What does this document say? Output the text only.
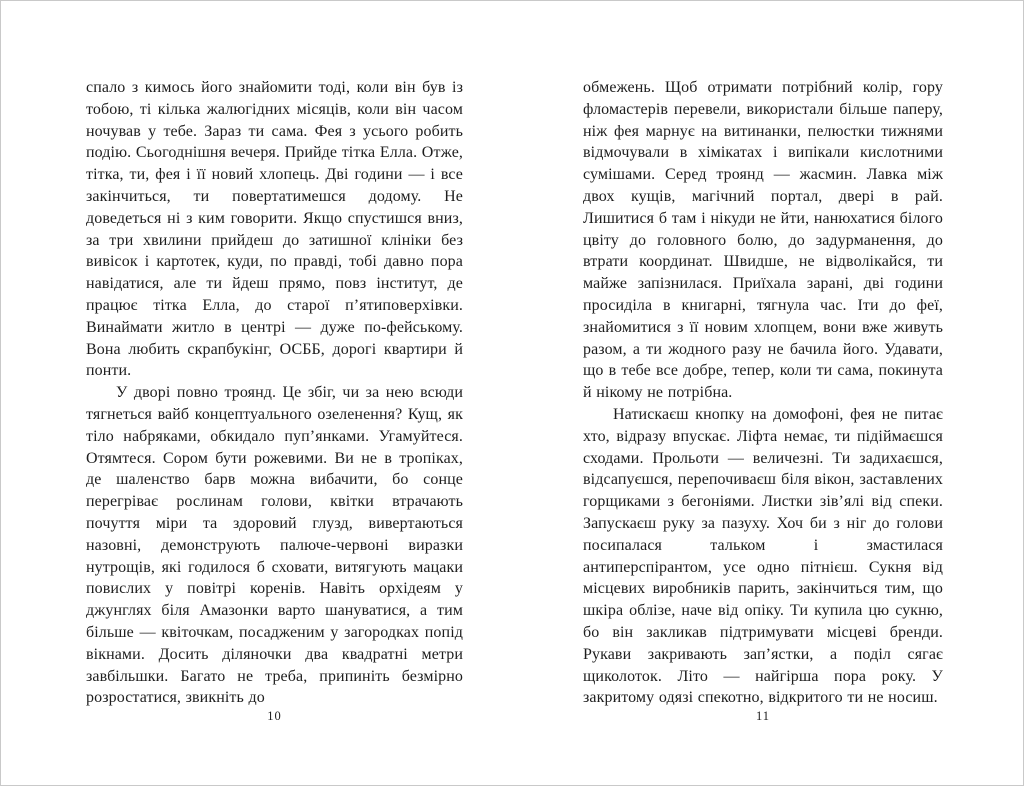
спало з кимось його знайомити тоді, коли він був із тобою, ті кілька жалюгідних місяців, коли він часом ночував у тебе. Зараз ти сама. Фея з усього робить подію. Сьогоднішня вечеря. Прийде тітка Елла. Отже, тітка, ти, фея і її новий хлопець. Дві години — і все закінчиться, ти повертатимешся додому. Не доведеться ні з ким говорити. Якщо спустишся вниз, за три хвилини прийдеш до затишної клініки без вивісок і картотек, куди, по правді, тобі давно пора навідатися, але ти йдеш прямо, повз інститут, де працює тітка Елла, до старої п’ятиповерхівки. Винаймати житло в центрі — дуже по-фейському. Вона любить скрапбукінг, ОСББ, дорогі квартири й понти.

У дворі повно троянд. Це збіг, чи за нею всюди тягнеться вайб концептуального озеленення? Кущ, як тіло набряками, обкидало пуп’янками. Угамуйтеся. Отямтеся. Сором бути рожевими. Ви не в тропіках, де шаленство барв можна вибачити, бо сонце перегріває рослинам голови, квітки втрачають почуття міри та здоровий глузд, вивертаються назовні, демонструють палюче-червоні виразки нутрощів, які годилося б сховати, витягують мацаки повислих у повітрі коренів. Навіть орхідеям у джунглях біля Амазонки варто шануватися, а тим більше — квіточкам, посадженим у загородках попід вікнами. Досить діляночки два квадратні метри завбільшки. Багато не треба, припиніть безмірно розростатися, звикніть до

обмежень. Щоб отримати потрібний колір, гору фломастерів перевели, використали більше паперу, ніж фея марнує на витинанки, пелюстки тижнями відмочували в хімікатах і випікали кислотними сумішами. Серед троянд — жасмин. Лавка між двох кущів, магічний портал, двері в рай. Лишитися б там і нікуди не йти, нанюхатися білого цвіту до головного болю, до задурманення, до втрати координат. Швидше, не відволікайся, ти майже запізнилася. Приїхала зарані, дві години просиділа в книгарні, тягнула час. Іти до феї, знайомитися з її новим хлопцем, вони вже живуть разом, а ти жодного разу не бачила його. Удавати, що в тебе все добре, тепер, коли ти сама, покинута й нікому не потрібна.

Натискаєш кнопку на домофоні, фея не питає хто, відразу впускає. Ліфта немає, ти підіймаєшся сходами. Прольоти — величезні. Ти задихаєшся, відсапуєшся, перепочиваєш біля вікон, заставлених горщиками з бегоніями. Листки зів’ялі від спеки. Запускаєш руку за пазуху. Хоч би з ніг до голови посипалася тальком і змастилася антиперспірантом, усе одно пітнієш. Сукня від місцевих виробників парить, закінчиться тим, що шкіра облізе, наче від опіку. Ти купила цю сукню, бо він закликав підтримувати місцеві бренди. Рукави закривають зап’ястки, а поділ сягає щиколоток. Літо — найгірша пора року. У закритому одязі спекотно, відкритого ти не носиш.

10	11
